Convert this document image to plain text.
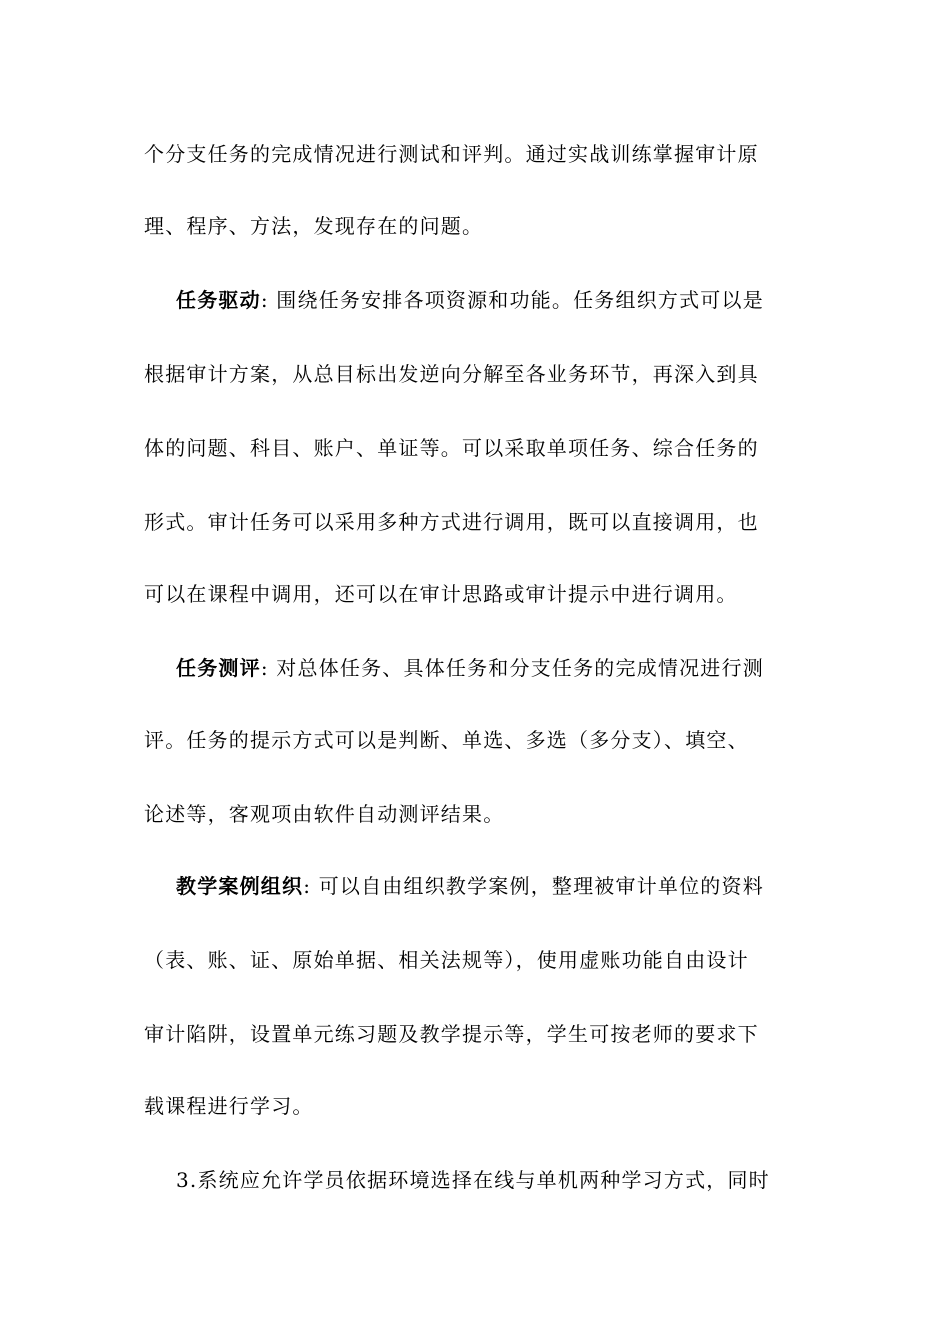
个分支任务的完成情况进行测试和评判。通过实战训练掌握审计原
理、程序、方法，发现存在的问题。
任务驱动: 围绕任务安排各项资源和功能。任务组织方式可以是
根据审计方案，从总目标出发逆向分解至各业务环节，再深入到具
体的问题、科目、账户、单证等。可以采取单项任务、综合任务的
形式。审计任务可以采用多种方式进行调用，既可以直接调用，也
可以在课程中调用，还可以在审计思路或审计提示中进行调用。
任务测评: 对总体任务、具体任务和分支任务的完成情况进行测
评。任务的提示方式可以是判断、单选、多选（多分支）、填空、
论述等，客观项由软件自动测评结果。
教学案例组织: 可以自由组织教学案例，整理被审计单位的资料
（表、账、证、原始单据、相关法规等），使用虚账功能自由设计
审计陷阱，设置单元练习题及教学提示等，学生可按老师的要求下
载课程进行学习。
3.系统应允许学员依据环境选择在线与单机两种学习方式，同时
